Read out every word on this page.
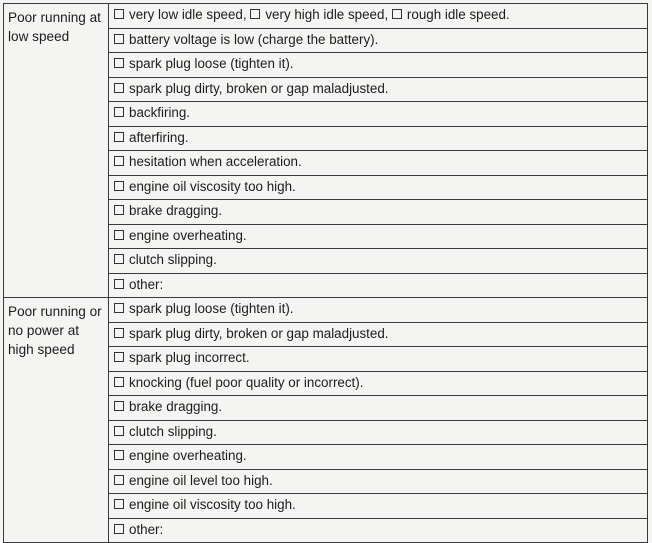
Poor running at low speed	very low idle speed, very high idle speed, rough idle speed.
	battery voltage is low (charge the battery).
	spark plug loose (tighten it).
	spark plug dirty, broken or gap maladjusted.
	backfiring.
	afterfiring.
	hesitation when acceleration.
	engine oil viscosity too high.
	brake dragging.
	engine overheating.
	clutch slipping.
	other:
Poor running or no power at high speed	spark plug loose (tighten it).
	spark plug dirty, broken or gap maladjusted.
	spark plug incorrect.
	knocking (fuel poor quality or incorrect).
	brake dragging.
	clutch slipping.
	engine overheating.
	engine oil level too high.
	engine oil viscosity too high.
	other:
